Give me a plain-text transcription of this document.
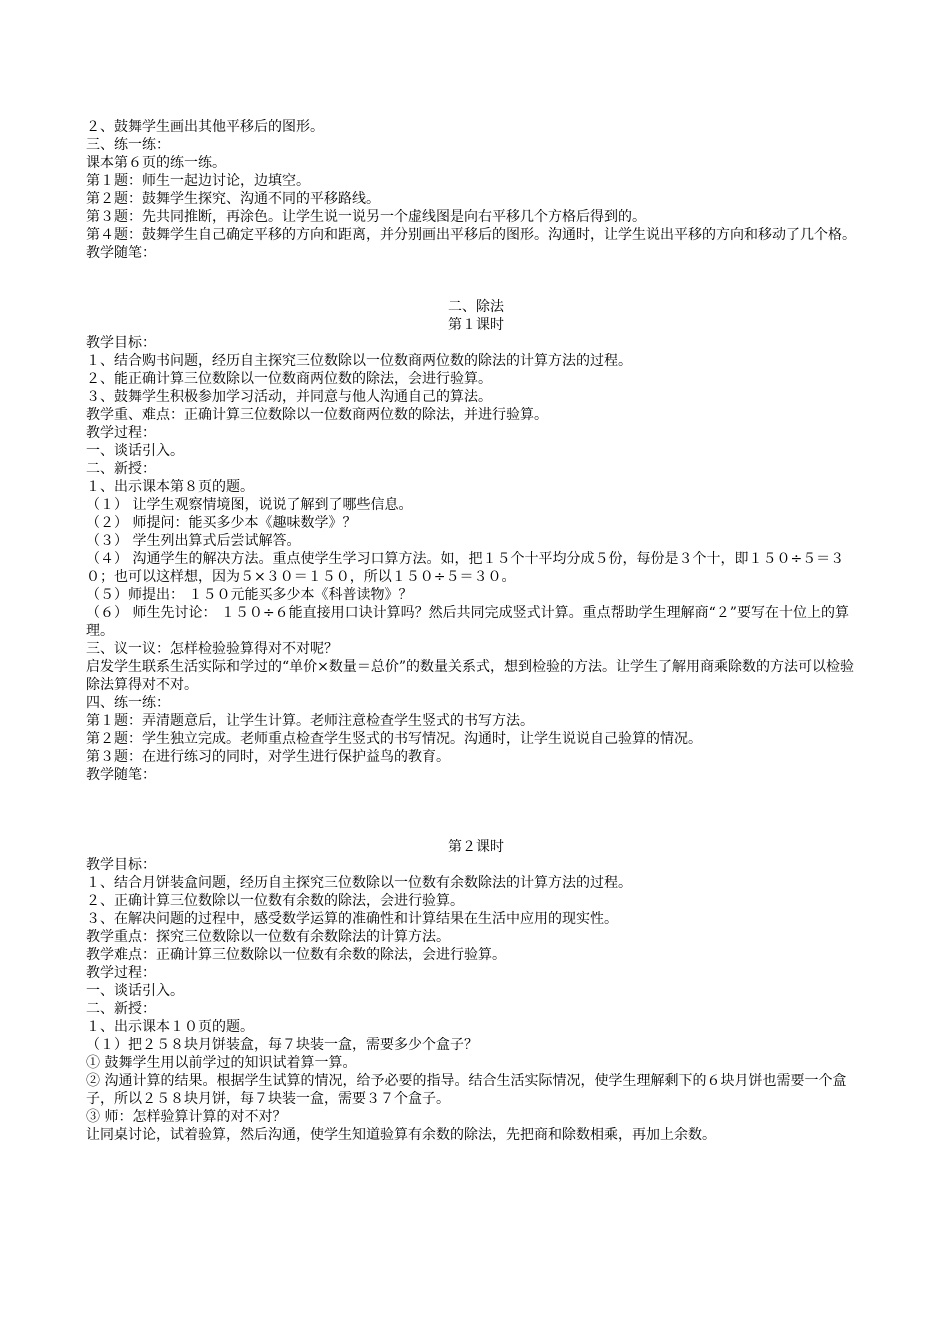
２、鼓舞学生画出其他平移后的图形。
三、练一练：
课本第６页的练一练。
第１题：师生一起边讨论，边填空。
第２题：鼓舞学生探究、沟通不同的平移路线。
第３题：先共同推断，再涂色。让学生说一说另一个虚线图是向右平移几个方格后得到的。
第４题：鼓舞学生自己确定平移的方向和距离，并分别画出平移后的图形。沟通时，让学生说出平移的方向和移动了几个格。
教学随笔：
二、除法
第１课时
教学目标：
１、结合购书问题，经历自主探究三位数除以一位数商两位数的除法的计算方法的过程。
２、能正确计算三位数除以一位数商两位数的除法，会进行验算。
３、鼓舞学生积极参加学习活动，并同意与他人沟通自己的算法。
教学重、难点：正确计算三位数除以一位数商两位数的除法，并进行验算。
教学过程：
一、谈话引入。
二、新授：
１、出示课本第８页的题。
（１） 让学生观察情境图，说说了解到了哪些信息。
（２） 师提问：能买多少本《趣味数学》？
（３） 学生列出算式后尝试解答。
（４） 沟通学生的解决方法。重点使学生学习口算方法。如，把１５个十平均分成５份，每份是３个十，即１５０÷５＝３０；也可以这样想，因为５×３０＝１５０，所以１５０÷５＝３０。
（５）师提出： １５０元能买多少本《科普读物》？
（６） 师生先讨论： １５０÷６能直接用口诀计算吗？然后共同完成竖式计算。重点帮助学生理解商“２”要写在十位上的算理。
三、议一议：怎样检验验算得对不对呢？
启发学生联系生活实际和学过的“单价×数量＝总价”的数量关系式，想到检验的方法。让学生了解用商乘除数的方法可以检验除法算得对不对。
四、练一练：
第１题：弄清题意后，让学生计算。老师注意检查学生竖式的书写方法。
第２题：学生独立完成。老师重点检查学生竖式的书写情况。沟通时，让学生说说自己验算的情况。
第３题：在进行练习的同时，对学生进行保护益鸟的教育。
教学随笔：
第２课时
教学目标：
１、结合月饼装盒问题，经历自主探究三位数除以一位数有余数除法的计算方法的过程。
２、正确计算三位数除以一位数有余数的除法，会进行验算。
３、在解决问题的过程中，感受数学运算的准确性和计算结果在生活中应用的现实性。
教学重点：探究三位数除以一位数有余数除法的计算方法。
教学难点：正确计算三位数除以一位数有余数的除法，会进行验算。
教学过程：
一、谈话引入。
二、新授：
１、出示课本１０页的题。
（１）把２５８块月饼装盒，每７块装一盒，需要多少个盒子？
① 鼓舞学生用以前学过的知识试着算一算。
② 沟通计算的结果。根据学生试算的情况，给予必要的指导。结合生活实际情况，使学生理解剩下的６块月饼也需要一个盒子，所以２５８块月饼，每７块装一盒，需要３７个盒子。
③ 师：怎样验算计算的对不对？
让同桌讨论，试着验算，然后沟通，使学生知道验算有余数的除法，先把商和除数相乘，再加上余数。
